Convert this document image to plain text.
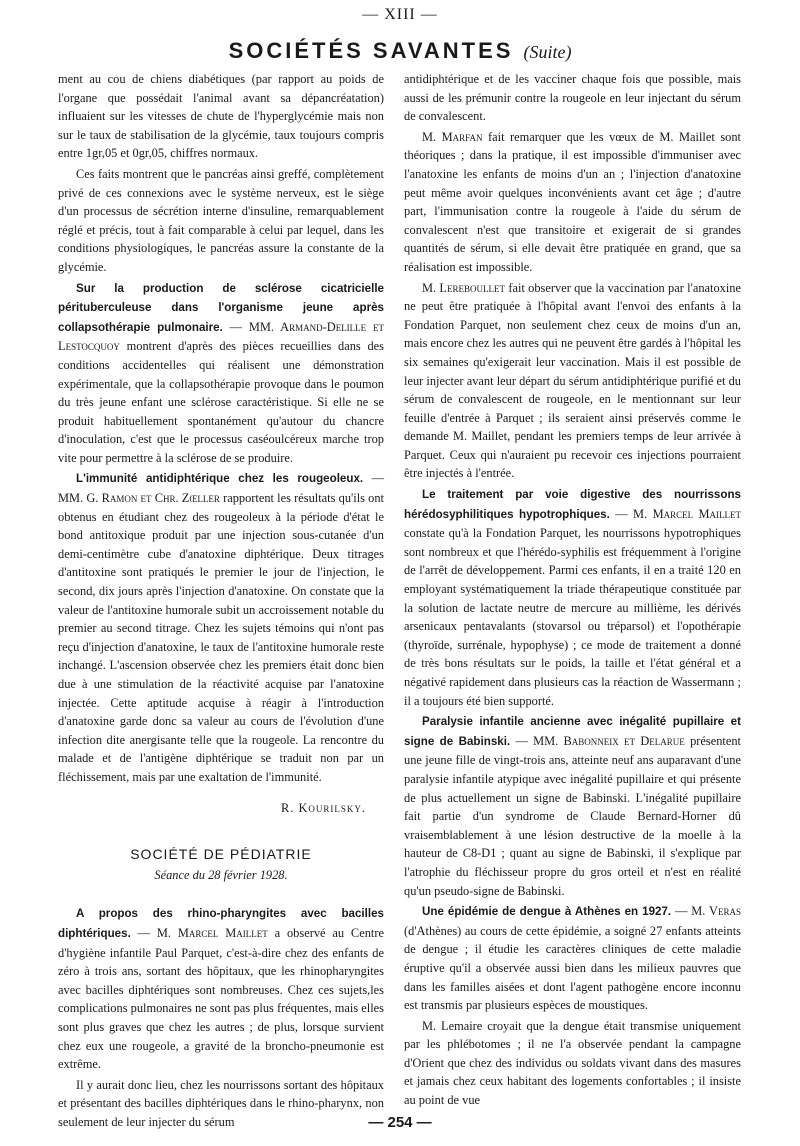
— XIII —
SOCIÉTÉS SAVANTES (Suite)

ment au cou de chiens diabétiques (par rapport au poids de l'organe que possédait l'animal avant sa dépancréatation) influaient sur les vitesses de chute de l'hyperglycémie mais non sur le taux de stabilisation de la glycémie, taux toujours compris entre 1gr,05 et 0gr,05, chiffres normaux.

Ces faits montrent que le pancréas ainsi greffé, complètement privé de ces connexions avec le système nerveux, est le siège d'un processus de sécrétion interne d'insuline, remarquablement réglé et précis, tout à fait comparable à celui par lequel, dans les conditions physiologiques, le pancréas assure la constante de la glycémie.

Sur la production de sclérose cicatricielle pérituberculeuse dans l'organisme jeune après collapsothérapie pulmonaire. — MM. Armand-Delille et Lestocquoy montrent d'après des pièces recueillies dans des conditions accidentelles qui réalisent une démonstration expérimentale, que la collapsothérapie provoque dans le poumon du très jeune enfant une sclérose caractéristique. Si elle ne se produit habituellement spontanément qu'autour du chancre d'inoculation, c'est que le processus caséoulcéreux marche trop vite pour permettre à la sclérose de se produire.

L'immunité antidiphtérique chez les rougeoleux. — MM. G. Ramon et Chr. Zœller rapportent les résultats qu'ils ont obtenus en étudiant chez des rougeoleux à la période d'état le bond antitoxique produit par une injection sous-cutanée d'un demi-centimètre cube d'anatoxine diphtérique. Deux titrages d'antitoxine sont pratiqués le premier le jour de l'injection, le second, dix jours après l'injection d'anatoxine. On constate que la valeur de l'antitoxine humorale subit un accroissement notable du premier au second titrage. Chez les sujets témoins qui n'ont pas reçu d'injection d'anatoxine, le taux de l'antitoxine humorale reste inchangé. L'ascension observée chez les premiers était donc bien due à une stimulation de la réactivité acquise par l'anatoxine injectée. Cette aptitude acquise à réagir à l'introduction d'anatoxine garde donc sa valeur au cours de l'évolution d'une infection dite anergisante telle que la rougeole. La rencontre du malade et de l'antigène diphtérique se traduit non par un fléchissement, mais par une exaltation de l'immunité.

R. Kourilsky.

SOCIÉTÉ DE PÉDIATRIE

Séance du 28 février 1928.

A propos des rhino-pharyngites avec bacilles diphtériques. — M. Marcel Maillet a observé au Centre d'hygiène infantile Paul Parquet, c'est-à-dire chez des enfants de zéro à trois ans, sortant des hôpitaux, que les rhinopharyngites avec bacilles diphtériques sont nombreuses. Chez ces sujets,les complications pulmonaires ne sont pas plus fréquentes, mais elles sont plus graves que chez les autres ; de plus, lorsque survient chez eux une rougeole, a gravité de la broncho-pneumonie est extrême.

Il y aurait donc lieu, chez les nourrissons sortant des hôpitaux et présentant des bacilles diphtériques dans le rhino-pharynx, non seulement de leur injecter du sérum

antidiphtérique et de les vacciner chaque fois que possible, mais aussi de les prémunir contre la rougeole en leur injectant du sérum de convalescent.

M. Marfan fait remarquer que les vœux de M. Maillet sont théoriques ; dans la pratique, il est impossible d'immuniser avec l'anatoxine les enfants de moins d'un an ; l'injection d'anatoxine peut même avoir quelques inconvénients avant cet âge ; d'autre part, l'immunisation contre la rougeole à l'aide du sérum de convalescent n'est que transitoire et exigerait de si grandes quantités de sérum, si elle devait être pratiquée en grand, que sa réalisation est impossible.

M. Lereboullet fait observer que la vaccination par l'anatoxine ne peut être pratiquée à l'hôpital avant l'envoi des enfants à la Fondation Parquet, non seulement chez ceux de moins d'un an, mais encore chez les autres qui ne peuvent être gardés à l'hôpital les six semaines qu'exigerait leur vaccination. Mais il est possible de leur injecter avant leur départ du sérum antidiphtérique purifié et du sérum de convalescent de rougeole, en le mentionnant sur leur feuille d'entrée à Parquet ; ils seraient ainsi préservés comme le demande M. Maillet, pendant les premiers temps de leur arrivée à Parquet. Ceux qui n'auraient pu recevoir ces injections pourraient être injectés à l'entrée.

Le traitement par voie digestive des nourrissons hérédosyphilitiques hypotrophiques. — M. Marcel Maillet constate qu'à la Fondation Parquet, les nourrissons hypotrophiques sont nombreux et que l'hérédo-syphilis est fréquemment à l'origine de l'arrêt de développement. Parmi ces enfants, il en a traité 120 en employant systématiquement la triade thérapeutique constituée par la solution de lactate neutre de mercure au millième, les dérivés arsenicaux pentavalants (stovarsol ou tréparsol) et l'opothérapie (thyroïde, surrénale, hypophyse) ; ce mode de traitement a donné de très bons résultats sur le poids, la taille et l'état général et a négativé rapidement dans plusieurs cas la réaction de Wassermann ; il a toujours été bien supporté.

Paralysie infantile ancienne avec inégalité pupillaire et signe de Babinski. — MM. Babonneix et Delarue présentent une jeune fille de vingt-trois ans, atteinte neuf ans auparavant d'une paralysie infantile atypique avec inégalité pupillaire et qui présente de plus actuellement un signe de Babinski. L'inégalité pupillaire fait partie d'un syndrome de Claude Bernard-Horner dû vraisemblablement à une lésion destructive de la moelle à la hauteur de C8-D1 ; quant au signe de Babinski, il s'explique par l'atrophie du fléchisseur propre du gros orteil et n'est en réalité qu'un pseudo-signe de Babinski.

Une épidémie de dengue à Athènes en 1927. — M. Veras (d'Athènes) au cours de cette épidémie, a soigné 27 enfants atteints de dengue ; il étudie les caractères cliniques de cette maladie éruptive qu'il a observée aussi bien dans les milieux pauvres que dans les familles aisées et dont l'agent pathogène encore inconnu est transmis par plusieurs espèces de moustiques.

M. Lemaire croyait que la dengue était transmise uniquement par les phlébotomes ; il ne l'a observée pendant la campagne d'Orient que chez des individus ou soldats vivant dans des masures et jamais chez ceux habitant des logements confortables ; il insiste au point de vue

— 254 —
